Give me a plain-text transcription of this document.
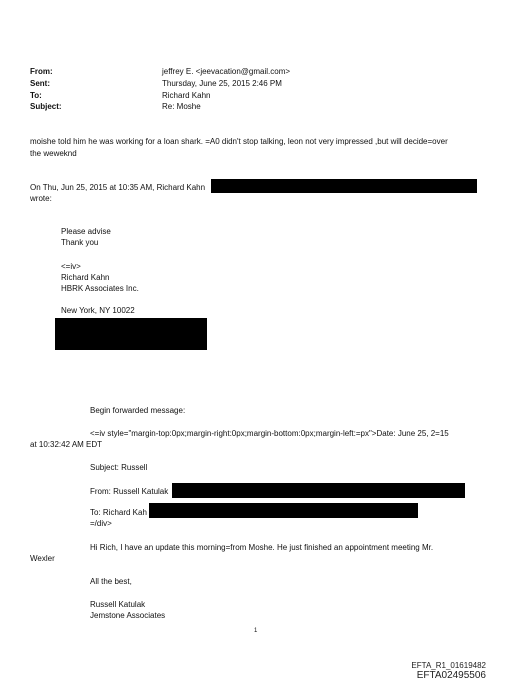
From:
Sent:
To:
Subject:
jeffrey E. <jeevacation@gmail.com>
Thursday, June 25, 2015 2:46 PM
Richard Kahn
Re: Moshe
moishe told him he was working for a loan shark. =A0 didn't stop talking, leon not very impressed ,but will decide=over
the weweknd
On Thu, Jun 25, 2015 at 10:35 AM, Richard Kahn
wrote:
Please advise
Thank you
<=iv>
Richard Kahn
HBRK Associates Inc.
New York, NY 10022
Begin forwarded message:
<=iv style="margin-top:0px;margin-right:0px;margin-bottom:0px;margin-left:=px">Date: June 25, 2=15
at 10:32:42 AM EDT
Subject: Russell
From: Russell Katulak
To: Richard Kah
=/div>
Hi Rich, I have an update this morning=from Moshe. He just finished an appointment meeting Mr.
Wexler
All the best,
Russell Katulak
Jemstone Associates
1
EFTA_R1_01619482
EFTA02495506
